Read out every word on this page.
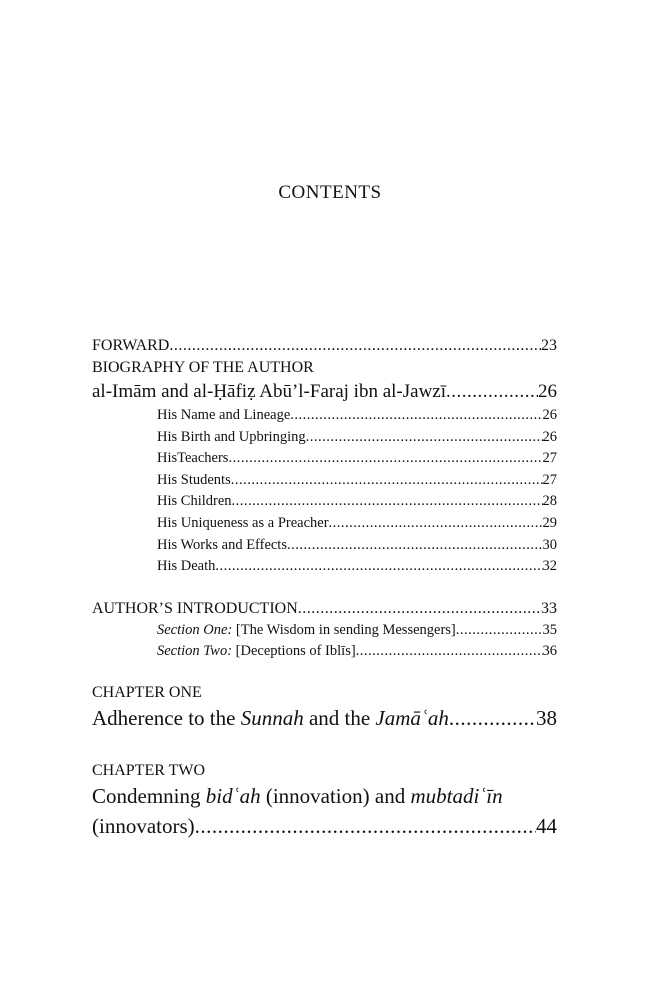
CONTENTS
FORWARD .....	23
BIOGRAPHY OF THE AUTHOR
al-Imām and al-Ḥāfiẓ Abū’l-Faraj ibn al-Jawzī .....	26
His Name and Lineage .....	26
His Birth and Upbringing .....	26
HisTeachers .....	27
His Students .....	27
His Children .....	28
His Uniqueness as a Preacher .....	29
His Works and Effects .....	30
His Death .....	32
AUTHOR’S INTRODUCTION .....	33
Section One: [The Wisdom in sending Messengers] .....	35
Section Two: [Deceptions of Iblīs] .....	36
CHAPTER ONE
Adherence to the Sunnah and the Jamāʿah .....	38
CHAPTER TWO
Condemning bidʿah (innovation) and mubtadiʿīn
(innovators) .....	44
